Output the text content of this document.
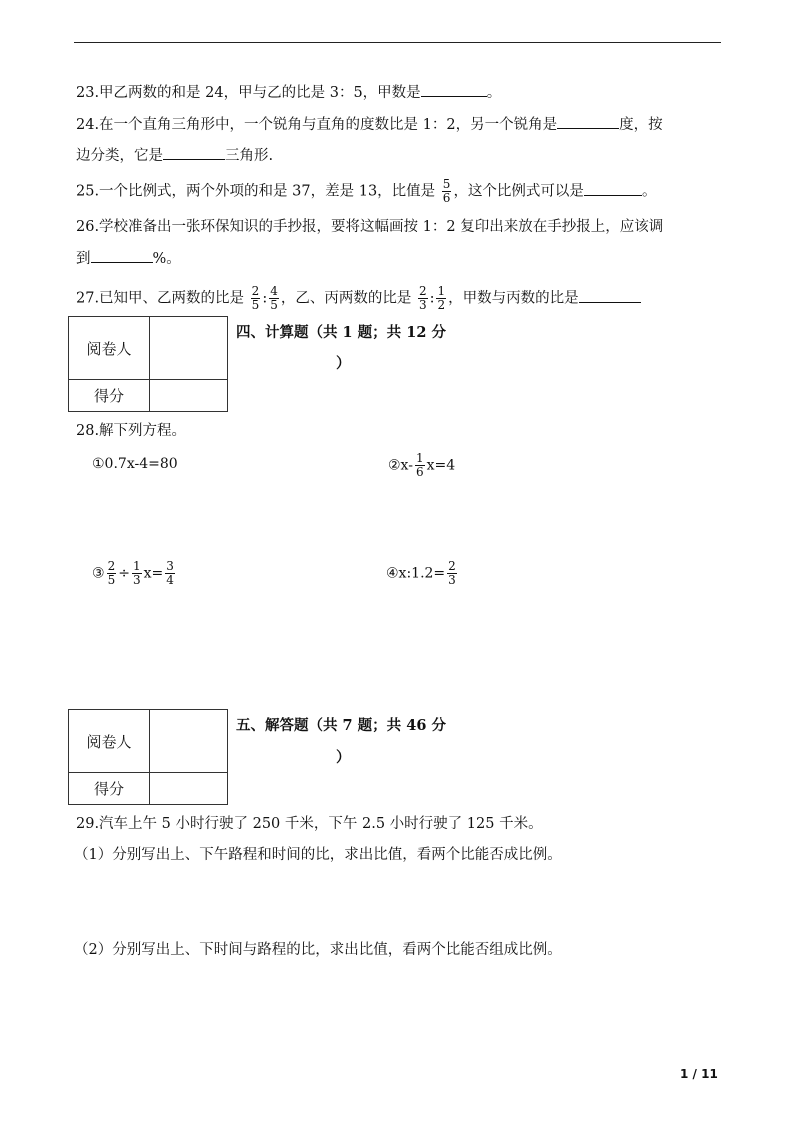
23.甲乙两数的和是 24，甲与乙的比是 3：5，甲数是	。
24.在一个直角三角形中，一个锐角与直角的度数比是 1：2，另一个锐角是	度，按
边分类，它是	三角形.
25.一个比例式，两个外项的和是 37，差是 13，比值是 $\frac{5}{6}$ ，这个比例式可以是	。
26.学校准备出一张环保知识的手抄报，要将这幅画按 1：2 复印出来放在手抄报上，应该调
到	%。
27.已知甲、乙两数的比是 $\frac{2}{5}$ : $\frac{4}{5}$ ，乙、丙两数的比是 $\frac{2}{3}$ : $\frac{1}{2}$ ，甲数与丙数的比是
阅卷人	
得分	
四、计算题（共 1 题；共 12 分
）
28.解下列方程。
①0.7x-4=80	②x- $\frac{1}{6} x=4$
③ $\frac{2}{5} \div \frac{1}{3} x= \frac{3}{4}$	④x:1.2= $\frac{2}{3}$
阅卷人	
得分	
五、解答题（共 7 题；共 46 分
）
29.汽车上午 5 小时行驶了 250 千米，下午 2.5 小时行驶了 125 千米。
（1）分别写出上、下午路程和时间的比，求出比值，看两个比能否成比例。
（2）分别写出上、下时间与路程的比，求出比值，看两个比能否组成比例。
1 / 11
